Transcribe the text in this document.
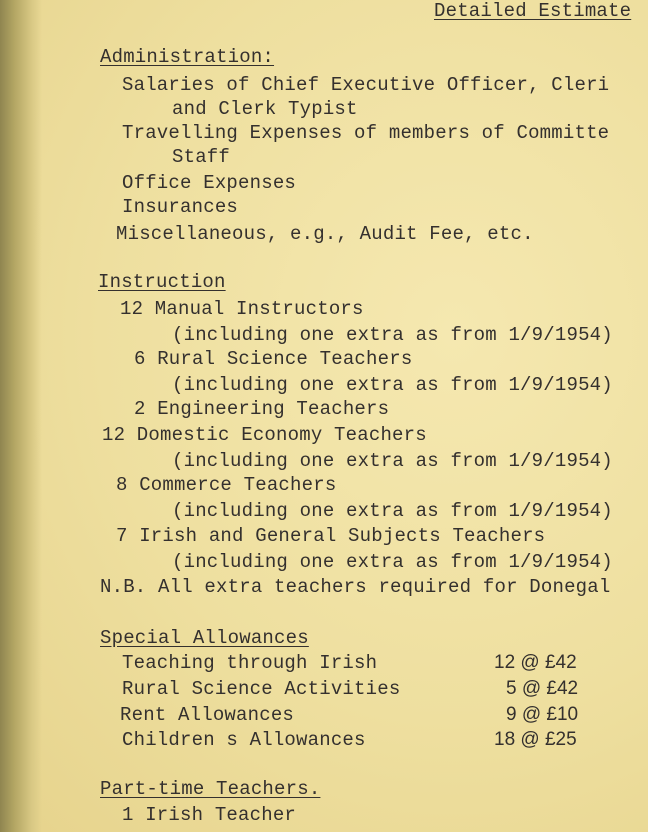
Detailed Estimate
Administration:
Salaries of Chief Executive Officer, Cleri
and Clerk Typist
Travelling Expenses of members of Committe
Staff
Office Expenses
Insurances
Miscellaneous, e.g., Audit Fee, etc.
Instruction
12 Manual Instructors
(including one extra as from 1/9/1954)
6 Rural Science Teachers
(including one extra as from 1/9/1954)
2 Engineering Teachers
12 Domestic Economy Teachers
(including one extra as from 1/9/1954)
8 Commerce Teachers
(including one extra as from 1/9/1954)
7 Irish and General Subjects Teachers
(including one extra as from 1/9/1954)
N.B. All extra teachers required for Donegal
Special Allowances
Teaching through Irish	12 @ £42
Rural Science Activities	5 @ £42
Rent Allowances	9 @ £10
Children s Allowances	18 @ £25
Part-time Teachers.
1 Irish Teacher
